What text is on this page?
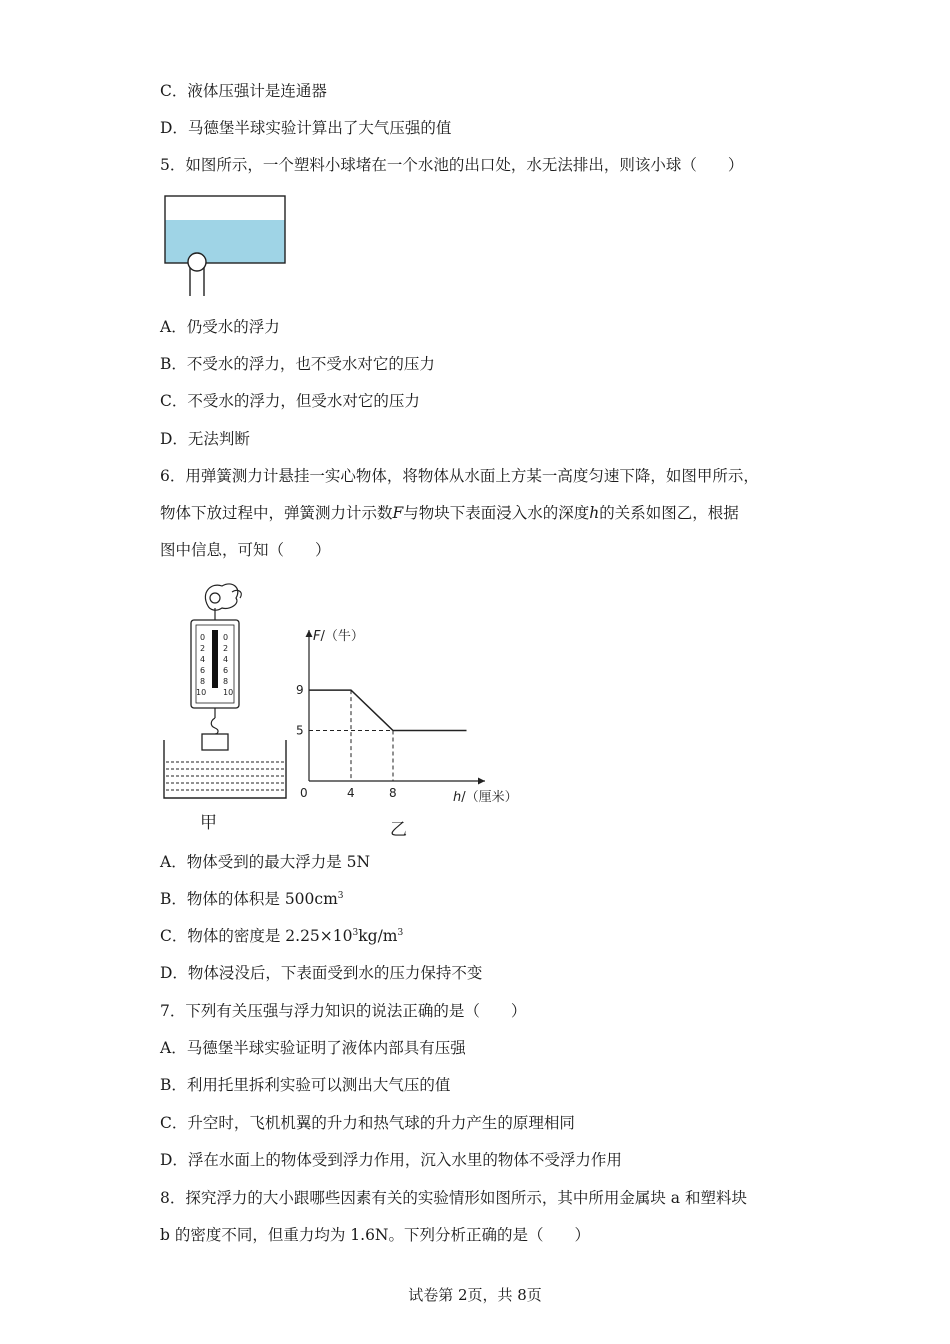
C．液体压强计是连通器
D．马德堡半球实验计算出了大气压强的值
5．如图所示，一个塑料小球堵在一个水池的出口处，水无法排出，则该小球（　　）
A．仍受水的浮力
B．不受水的浮力，也不受水对它的压力
C．不受水的浮力，但受水对它的压力
D．无法判断
6．用弹簧测力计悬挂一实心物体，将物体从水面上方某一高度匀速下降，如图甲所示，
物体下放过程中，弹簧测力计示数F与物块下表面浸入水的深度h的关系如图乙，根据
图中信息，可知（　　）
0
2
4
6
8
10
0
2
4
6
8
10
甲
F/（牛）
h/（厘米）
0	4	8
9
5
乙
A．物体受到的最大浮力是 5N
B．物体的体积是 $500cm^3$
C．物体的密度是 $2.25\times 10^3kg/m^3$
D．物体浸没后，下表面受到水的压力保持不变
7．下列有关压强与浮力知识的说法正确的是（　　）
A．马德堡半球实验证明了液体内部具有压强
B．利用托里拆利实验可以测出大气压的值
C．升空时，飞机机翼的升力和热气球的升力产生的原理相同
D．浮在水面上的物体受到浮力作用，沉入水里的物体不受浮力作用
8．探究浮力的大小跟哪些因素有关的实验情形如图所示，其中所用金属块 a 和塑料块
b 的密度不同，但重力均为 1.6N。下列分析正确的是（　　）
试卷第 2页，共 8页
